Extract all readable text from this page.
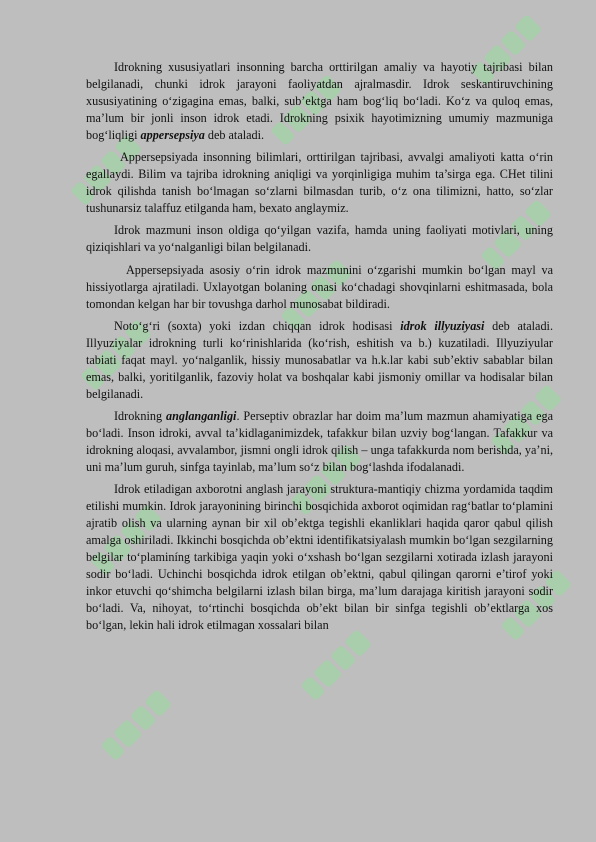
Idrokning xususiyatlari insonning barcha orttirilgan amaliy va hayotiy tajribasi bilan belgilanadi, chunki idrok jarayoni faoliyatdan ajralmasdir. Idrok seskantiruvchining xususiyatining o‘zigagina emas, balki, sub’ektga ham bog‘liq bo‘ladi. Ko‘z va quloq emas, ma’lum bir jonli inson idrok etadi. Idrokning psixik hayotimizning umumiy mazmuniga bog‘liqligi appersepsiya deb ataladi.

Appersepsiyada insonning bilimlari, orttirilgan tajribasi, avvalgi amaliyoti katta o‘rin egallaydi. Bilim va tajriba idrokning aniqligi va yorqinligiga muhim ta’sirga ega. CHet tilini idrok qilishda tanish bo‘lmagan so‘zlarni bilmasdan turib, o‘z ona tilimizni, hatto, so‘zlar tushunarsiz talaffuz etilganda ham, bexato anglaymiz.

Idrok mazmuni inson oldiga qo‘yilgan vazifa, hamda uning faoliyati motivlari, uning qiziqishlari va yo‘nalganligi bilan belgilanadi.

Appersepsiyada asosiy o‘rin idrok mazmunini o‘zgarishi mumkin bo‘lgan mayl va hissiyotlarga ajratiladi. Uxlayotgan bolaning onasi ko‘chadagi shovqinlarni eshitmasada, bola tomondan kelgan har bir tovushga darhol munosabat bildiradi.

Noto‘g‘ri (soxta) yoki izdan chiqqan idrok hodisasi idrok illyuziyasi deb ataladi. Illyuziyalar idrokning turli ko‘rinishlarida (ko‘rish, eshitish va b.) kuzatiladi. Illyuziyular tabiati faqat mayl. yo‘nalganlik, hissiy munosabatlar va h.k.lar kabi sub’ektiv sabablar bilan emas, balki, yoritilganlik, fazoviy holat va boshqalar kabi jismoniy omillar va hodisalar bilan belgilanadi.

Idrokning anglanganligi. Perseptiv obrazlar har doim ma’lum mazmun ahamiyatiga ega bo‘ladi. Inson idroki, avval ta’kidlaganimizdek, tafakkur bilan uzviy bog‘langan. Tafakkur va idrokning aloqasi, avvalambor, jismni ongli idrok qilish – unga tafakkurda nom berishda, ya’ni, uni ma’lum guruh, sinfga tayinlab, ma’lum so‘z bilan bog‘lashda ifodalanadi.

Idrok etiladigan axborotni anglash jarayoni struktura-mantiqiy chizma yordamida taqdim etilishi mumkin. Idrok jarayonining birinchi bosqichida axborot oqimidan rag‘batlar to‘plamini ajratib olish va ularning aynan bir xil ob’ektga tegishli ekanliklari haqida qaror qabul qilish amalga oshiriladi. Ikkinchi bosqichda ob’ektni identifikatsiyalash mumkin bo‘lgan sezgilarning belgilar to‘plaminíng tarkibiga yaqin yoki o‘xshash bo‘lgan sezgilarni xotirada izlash jarayoni sodir bo‘ladi. Uchinchi bosqichda idrok etilgan ob’ektni, qabul qilingan qarorni e’tirof yoki inkor etuvchi qo‘shimcha belgilarni izlash bilan birga, ma’lum darajaga kiritish jarayoni sodir bo‘ladi. Va, nihoyat, to‘rtinchi bosqichda ob’ekt bilan bir sinfga tegishli ob’ektlarga xos bo‘lgan, lekin hali idrok etilmagan xossalari bilan
